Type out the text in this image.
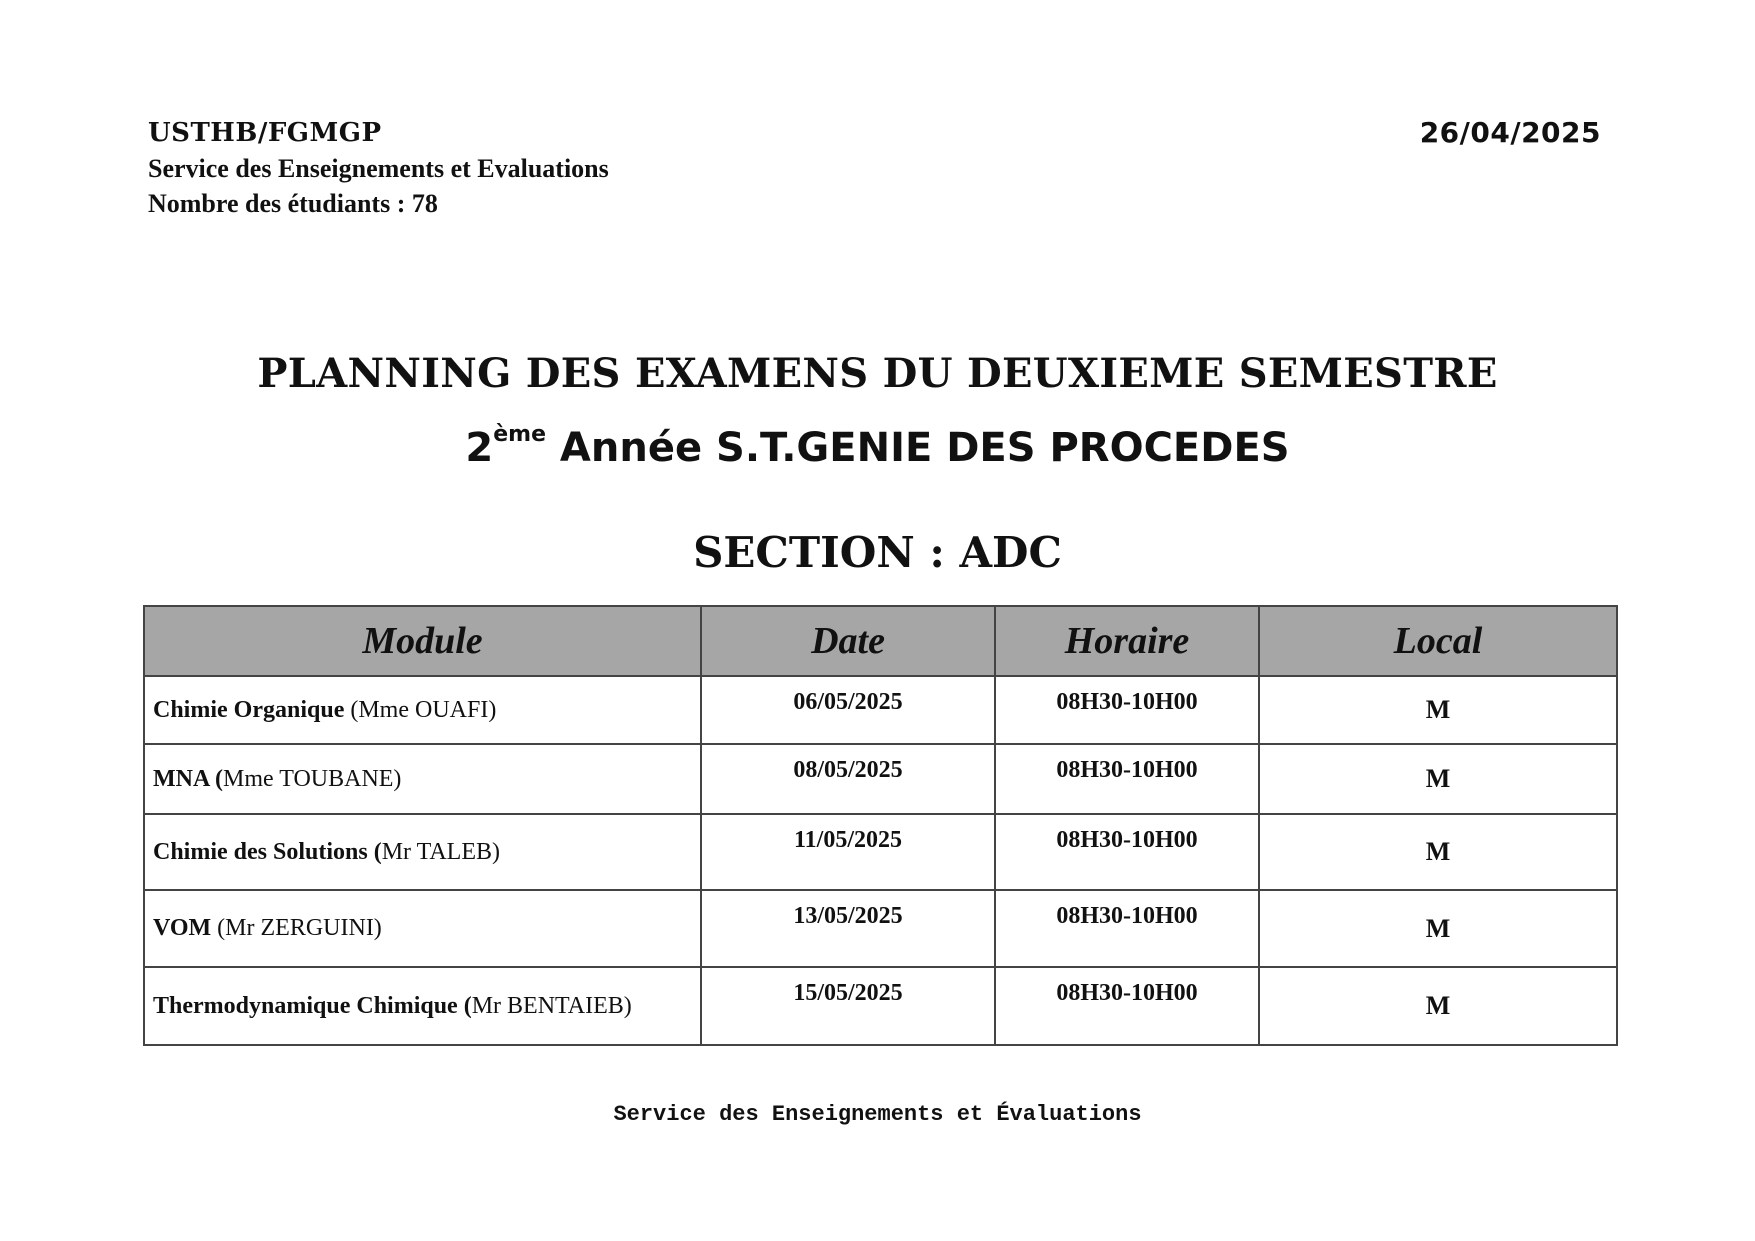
USTHB/FGMGP
Service des Enseignements et Evaluations
Nombre des étudiants : 78
26/04/2025
PLANNING DES EXAMENS DU DEUXIEME SEMESTRE
2ème Année S.T.GENIE DES PROCEDES
SECTION : ADC
Module	Date	Horaire	Local
Chimie Organique (Mme OUAFI)	06/05/2025	08H30-10H00	M
MNA (Mme TOUBANE)	08/05/2025	08H30-10H00	M
Chimie des Solutions (Mr TALEB)	11/05/2025	08H30-10H00	M
VOM (Mr ZERGUINI)	13/05/2025	08H30-10H00	M
Thermodynamique Chimique (Mr BENTAIEB)	15/05/2025	08H30-10H00	M
Service des Enseignements et Évaluations
